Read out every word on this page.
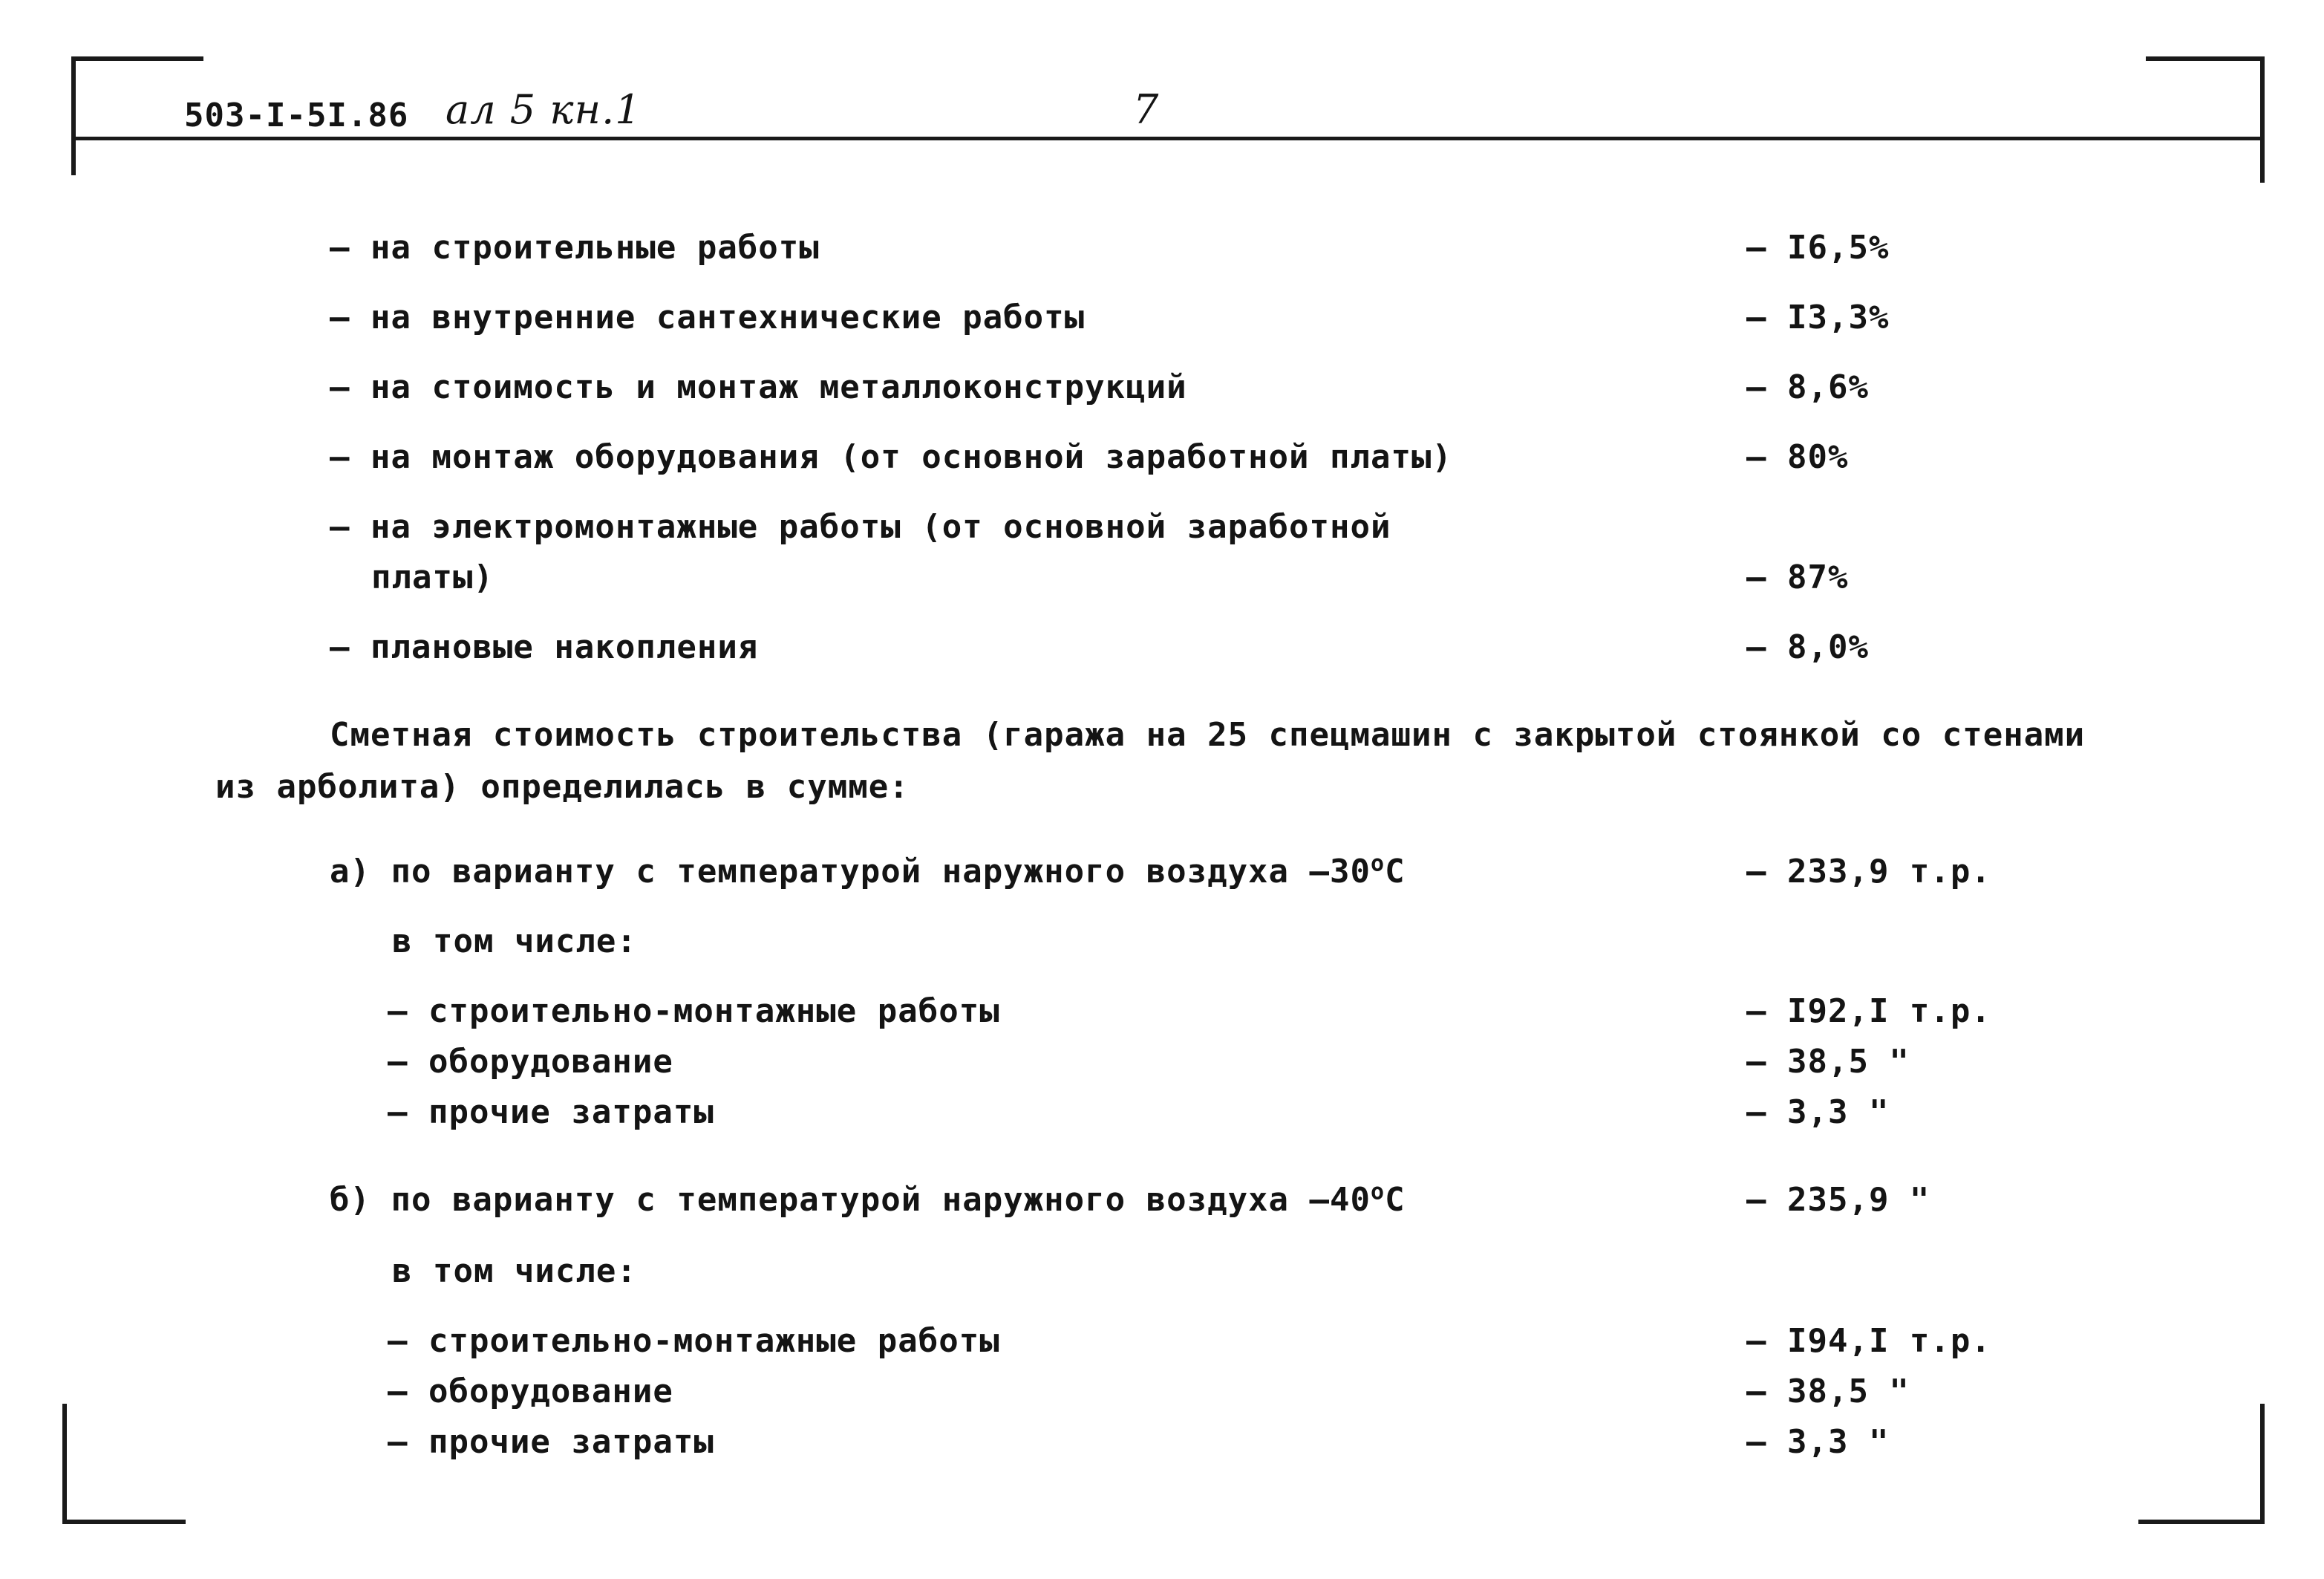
503-I-5I.86 ал 5 кн.1	7
– на строительные работы	– I6,5%
– на внутренние сантехнические работы	– I3,3%
– на стоимость и монтаж металлоконструкций	– 8,6%
– на монтаж оборудования (от основной заработной платы)	– 80%
– на электромонтажные работы (от основной заработной
платы)	– 87%
– плановые накопления	– 8,0%
Сметная стоимость строительства (гаража на 25 спецмашин с закрытой стоянкой со стенами
из арболита) определилась в сумме:
а) по варианту с температурой наружного воздуха $-30^оС$	– 233,9 т.р.
в том числе:
– строительно-монтажные работы	– I92,I т.р.
– оборудование	– 38,5 "
– прочие затраты	– 3,3 "
б) по варианту с температурой наружного воздуха $-40^оС$	– 235,9 "
в том числе:
– строительно-монтажные работы	– I94,I т.р.
– оборудование	– 38,5 "
– прочие затраты	– 3,3 "
